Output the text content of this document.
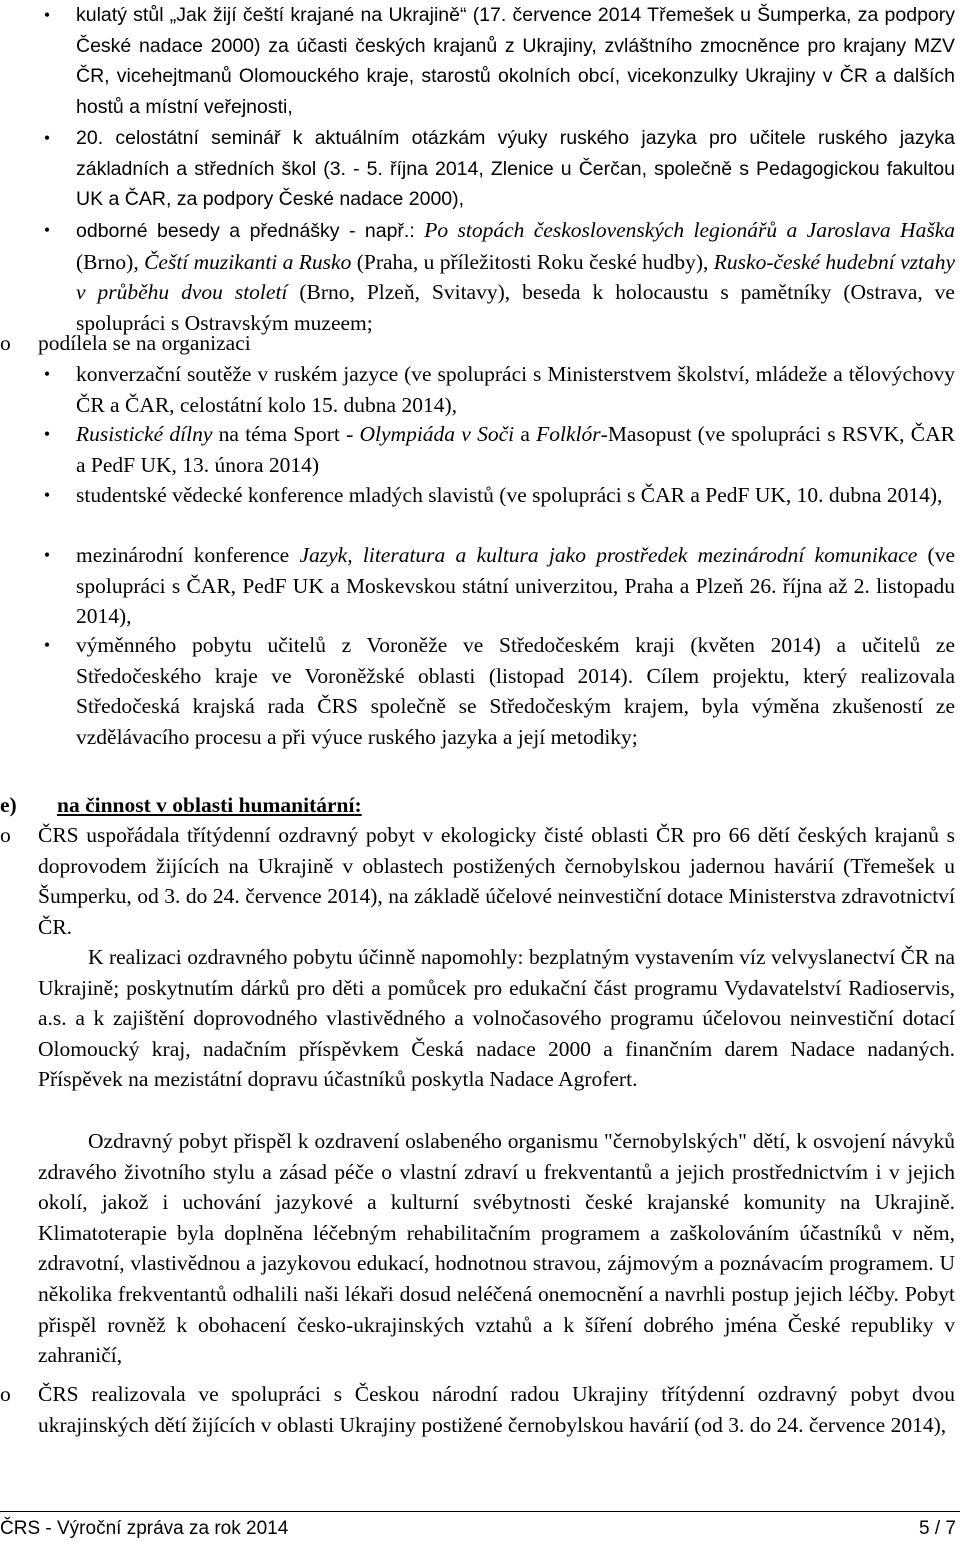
• kulatý stůl „Jak žijí čeští krajané na Ukrajině“ (17. července 2014 Třemešek u Šumperka, za podpory České nadace 2000) za účasti českých krajanů z Ukrajiny, zvláštního zmocněnce pro krajany MZV ČR, vicehejtmanů Olomouckého kraje, starostů okolních obcí, vicekonzulky Ukrajiny v ČR a dalších hostů a místní veřejnosti,
• 20. celostátní seminář k aktuálním otázkám výuky ruského jazyka pro učitele ruského jazyka základních a středních škol (3. - 5. října 2014, Zlenice u Čerčan, společně s Pedagogickou fakultou UK a ČAR, za podpory České nadace 2000),
• odborné besedy a přednášky - např.: Po stopách československých legionářů a Jaroslava Haška (Brno), Čeští muzikanti a Rusko (Praha, u příležitosti Roku české hudby), Rusko-české hudební vztahy v průběhu dvou století (Brno, Plzeň, Svitavy), beseda k holocaustu s pamětníky (Ostrava, ve spolupráci s Ostravským muzeem;
o	podílela se na organizaci
• konverzační soutěže v ruském jazyce (ve spolupráci s Ministerstvem školství, mládeže a tělovýchovy ČR a ČAR, celostátní kolo 15. dubna 2014),
• Rusistické dílny na téma Sport - Olympiáda v Soči a Folklór-Masopust (ve spolupráci s RSVK, ČAR a PedF UK, 13. února 2014)
• studentské vědecké konference mladých slavistů (ve spolupráci s ČAR a PedF UK, 10. dubna 2014),
• mezinárodní konference Jazyk, literatura a kultura jako prostředek mezinárodní komunikace (ve spolupráci s ČAR, PedF UK a Moskevskou státní univerzitou, Praha a Plzeň 26. října až 2. listopadu 2014),
• výměnného pobytu učitelů z Voroněže ve Středočeském kraji (květen 2014) a učitelů ze Středočeského kraje ve Voroněžské oblasti (listopad 2014). Cílem projektu, který realizovala Středočeská krajská rada ČRS společně se Středočeským krajem, byla výměna zkušeností ze vzdělávacího procesu a při výuce ruského jazyka a její metodiky;
e) na činnost v oblasti humanitární:
o	ČRS uspořádala třítýdenní ozdravný pobyt v ekologicky čisté oblasti ČR pro 66 dětí českých krajanů s doprovodem žijících na Ukrajině v oblastech postižených černobylskou jadernou havárií (Třemešek u Šumperku, od 3. do 24. července 2014), na základě účelové neinvestiční dotace Ministerstva zdravotnictví ČR.
K realizaci ozdravného pobytu účinně napomohly: bezplatným vystavením víz velvyslanectví ČR na Ukrajině; poskytnutím dárků pro děti a pomůcek pro edukační část programu Vydavatelství Radioservis, a.s. a k zajištění doprovodného vlastivědného a volnočasového programu účelovou neinvestiční dotací Olomoucký kraj, nadačním příspěvkem Česká nadace 2000 a finančním darem Nadace nadaných. Příspěvek na mezistátní dopravu účastníků poskytla Nadace Agrofert.
Ozdravný pobyt přispěl k ozdravení oslabeného organismu "černobylských" dětí, k osvojení návyků zdravého životního stylu a zásad péče o vlastní zdraví u frekventantů a jejich prostřednictvím i v jejich okolí, jakož i uchování jazykové a kulturní svébytnosti české krajanské komunity na Ukrajině. Klimatoterapie byla doplněna léčebným rehabilitačním programem a zaškolováním účastníků v něm, zdravotní, vlastivědnou a jazykovou edukací, hodnotnou stravou, zájmovým a poznávacím programem. U několika frekventantů odhalili naši lékaři dosud neléčená onemocnění a navrhli postup jejich léčby. Pobyt přispěl rovněž k obohacení česko-ukrajinských vztahů a k šíření dobrého jména České republiky v zahraničí,
o	ČRS realizovala ve spolupráci s Českou národní radou Ukrajiny třítýdenní ozdravný pobyt dvou ukrajinských dětí žijících v oblasti Ukrajiny postižené černobylskou havárií (od 3. do 24. července 2014),
ČRS - Výroční zpráva za rok 2014	5 / 7
